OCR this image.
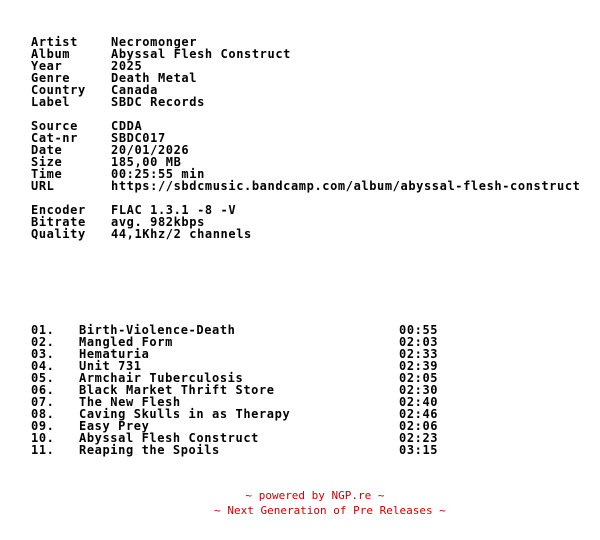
Artist	Necromonger
Album	Abyssal Flesh Construct
Year	2025
Genre	Death Metal
Country	Canada
Label	SBDC Records
Source	CDDA
Cat-nr	SBDC017
Date	20/01/2026
Size	185,00 MB
Time	00:25:55 min
URL	https://sbdcmusic.bandcamp.com/album/abyssal-flesh-construct
Encoder	FLAC 1.3.1 -8 -V
Bitrate	avg. 982kbps
Quality	44,1Khz/2 channels
01.	Birth-Violence-Death	00:55
02.	Mangled Form	02:03
03.	Hematuria	02:33
04.	Unit 731	02:39
05.	Armchair Tuberculosis	02:05
06.	Black Market Thrift Store	02:30
07.	The New Flesh	02:40
08.	Caving Skulls in as Therapy	02:46
09.	Easy Prey	02:06
10.	Abyssal Flesh Construct	02:23
11.	Reaping the Spoils	03:15
~ powered by NGP.re ~
~ Next Generation of Pre Releases ~
